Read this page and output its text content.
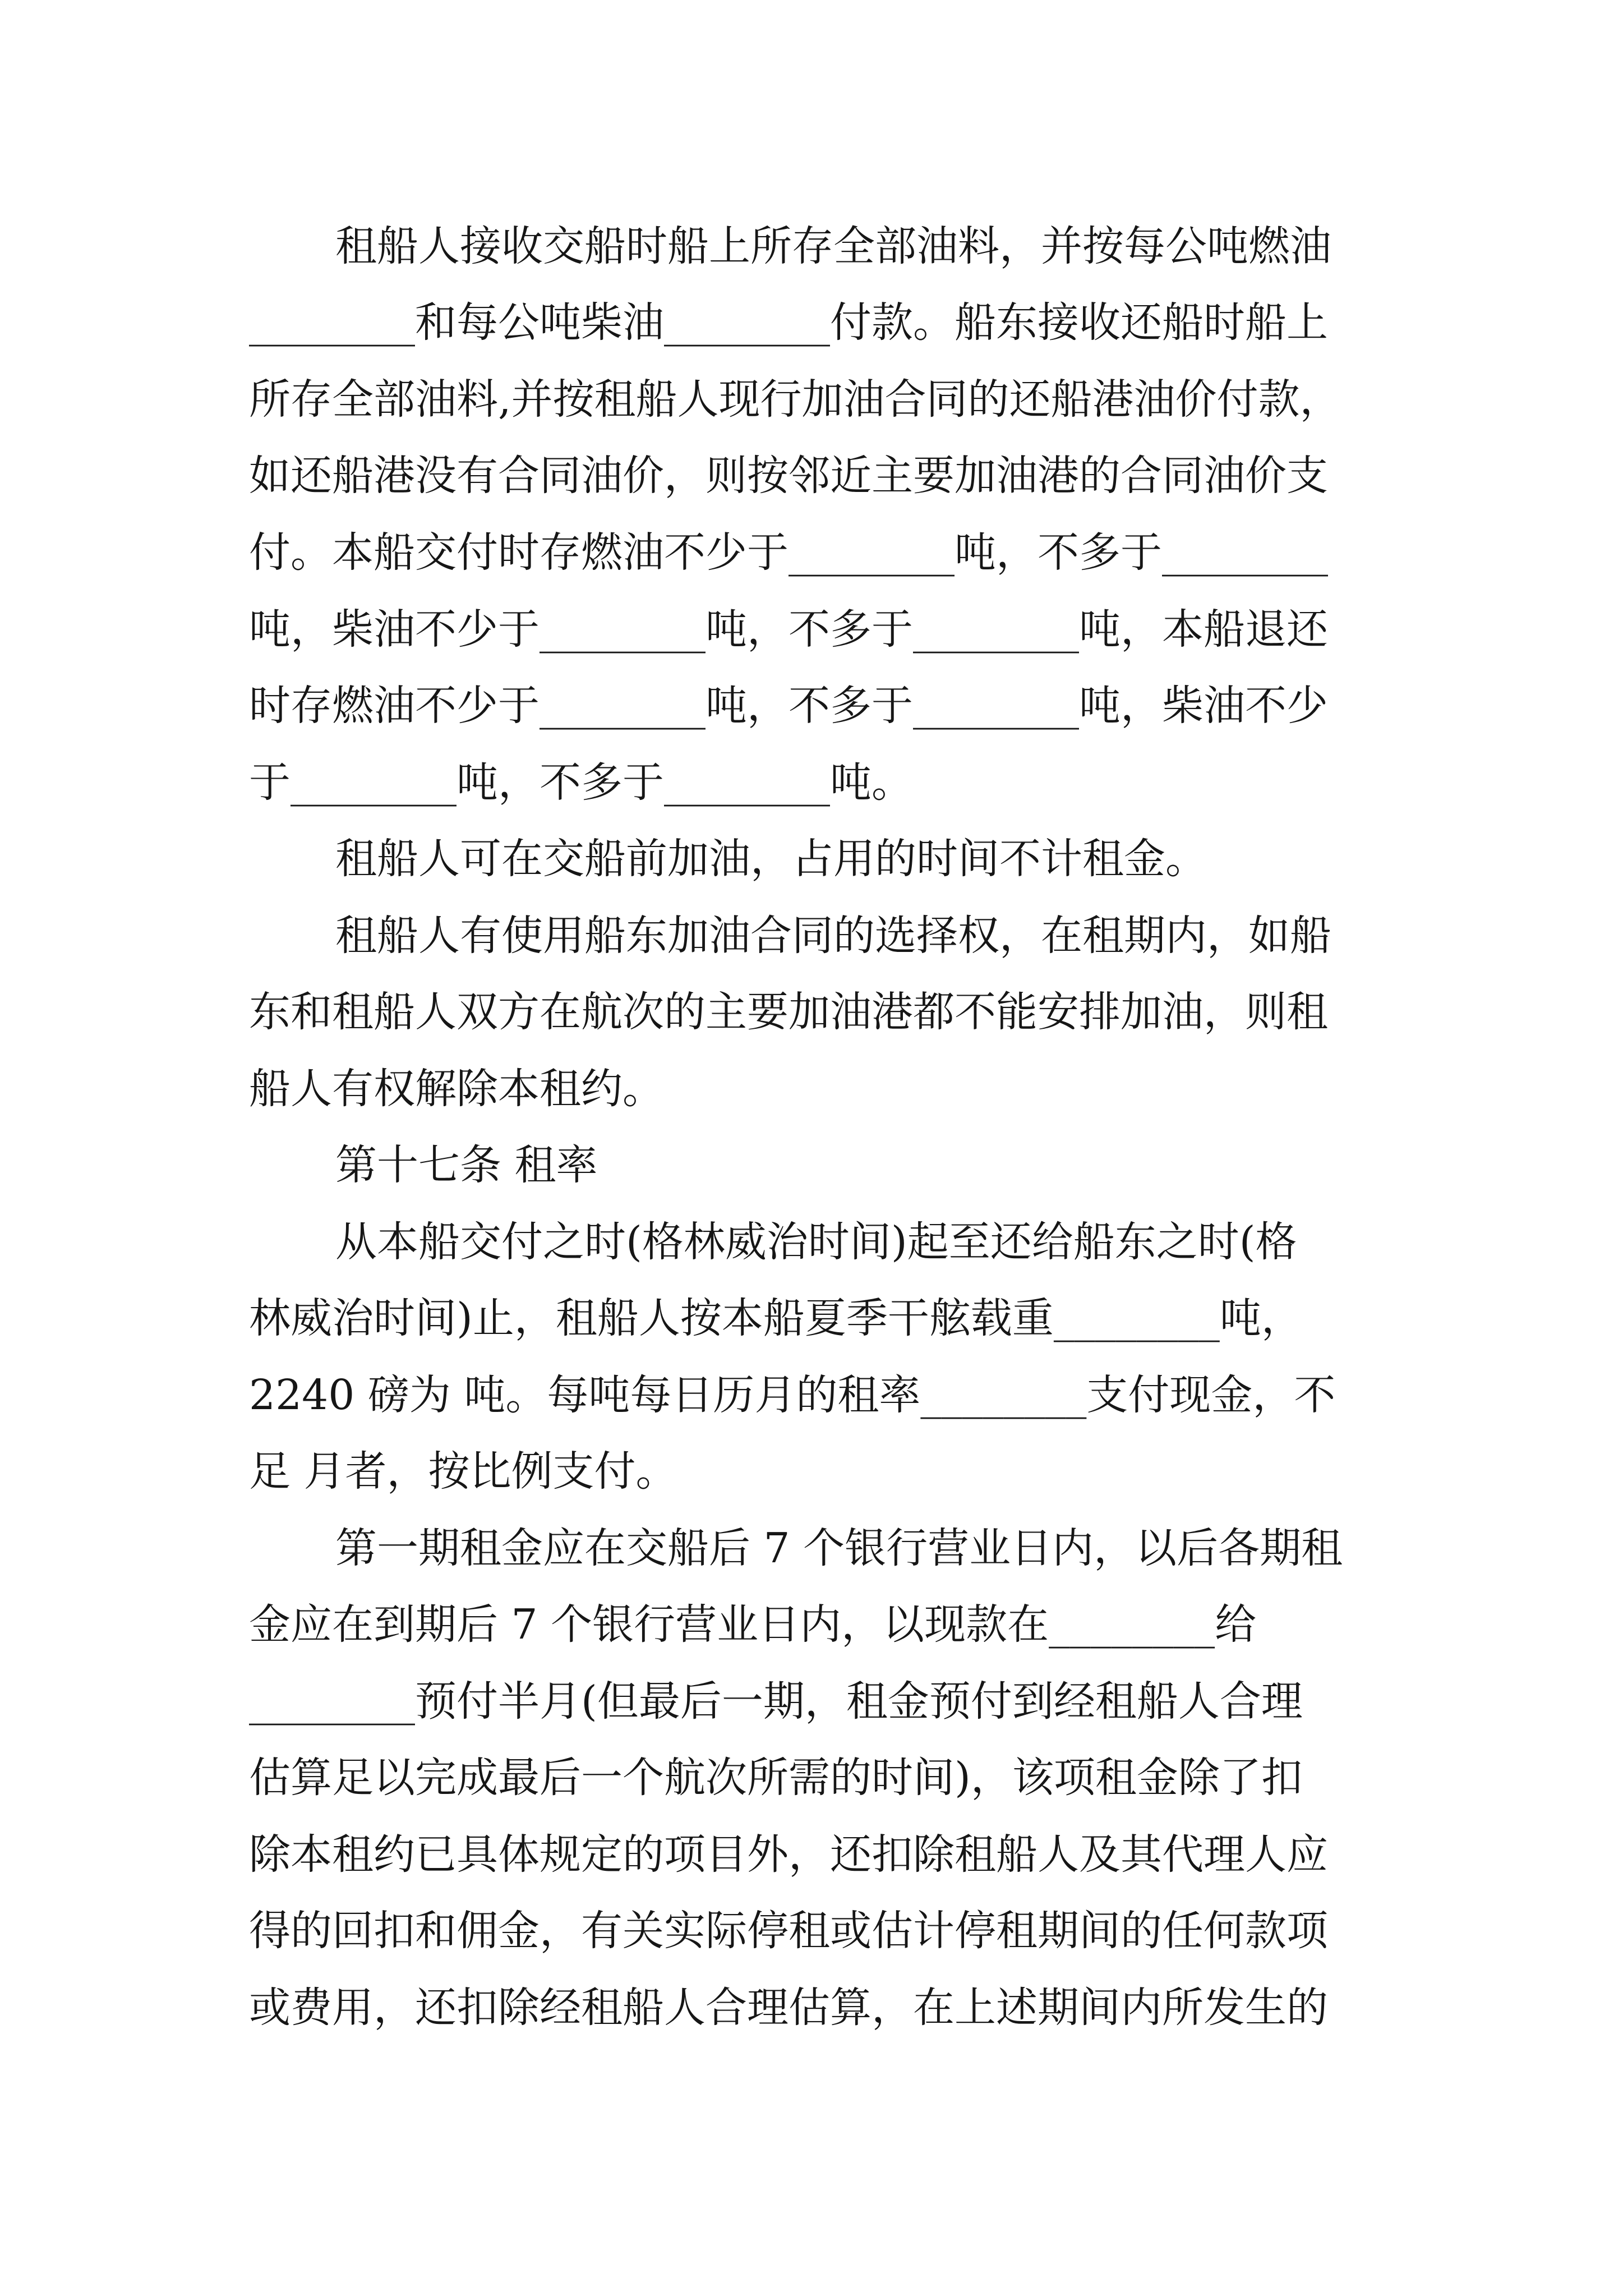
租船人接收交船时船上所存全部油料，并按每公吨燃油
________和每公吨柴油________付款。船东接收还船时船上
所存全部油料,并按租船人现行加油合同的还船港油价付款，
如还船港没有合同油价，则按邻近主要加油港的合同油价支
付。本船交付时存燃油不少于________吨，不多于________
吨，柴油不少于________吨，不多于________吨，本船退还
时存燃油不少于________吨，不多于________吨，柴油不少
于________吨，不多于________吨。
租船人可在交船前加油，占用的时间不计租金。
租船人有使用船东加油合同的选择权，在租期内，如船
东和租船人双方在航次的主要加油港都不能安排加油，则租
船人有权解除本租约。
第十七条 租率
从本船交付之时(格林威治时间)起至还给船东之时(格
林威治时间)止，租船人按本船夏季干舷载重________吨，
2240 磅为 吨。每吨每日历月的租率________支付现金，不
足 月者，按比例支付。
第一期租金应在交船后 7 个银行营业日内，以后各期租
金应在到期后 7 个银行营业日内，以现款在________给
________预付半月(但最后一期，租金预付到经租船人合理
估算足以完成最后一个航次所需的时间)，该项租金除了扣
除本租约已具体规定的项目外，还扣除租船人及其代理人应
得的回扣和佣金，有关实际停租或估计停租期间的任何款项
或费用，还扣除经租船人合理估算，在上述期间内所发生的
